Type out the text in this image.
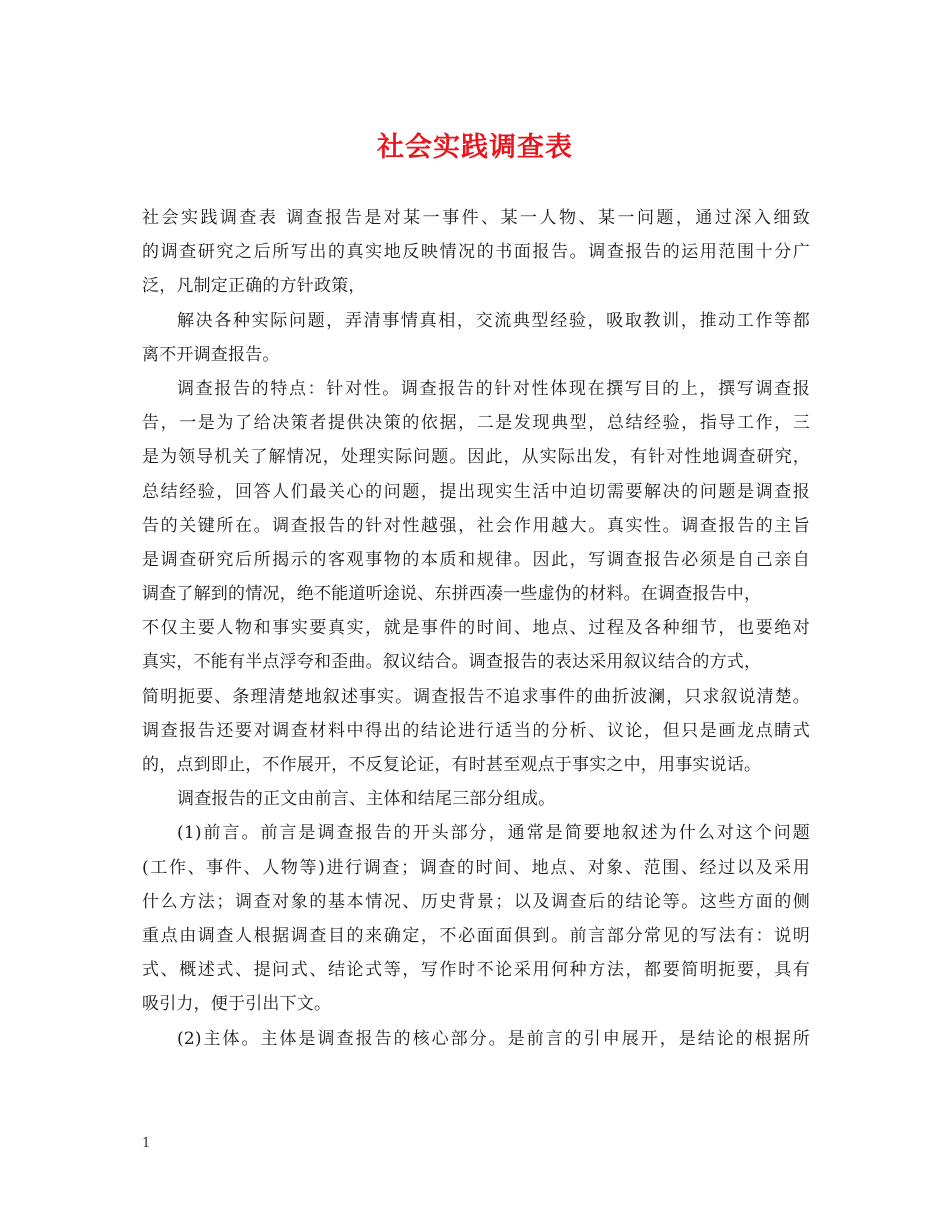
社会实践调查表
社会实践调查表 调查报告是对某一事件、某一人物、某一问题，通过深入细致
的调查研究之后所写出的真实地反映情况的书面报告。调查报告的运用范围十分广
泛，凡制定正确的方针政策，
解决各种实际问题，弄清事情真相，交流典型经验，吸取教训，推动工作等都
离不开调查报告。
调查报告的特点：针对性。调查报告的针对性体现在撰写目的上，撰写调查报
告，一是为了给决策者提供决策的依据，二是发现典型，总结经验，指导工作，三
是为领导机关了解情况，处理实际问题。因此，从实际出发，有针对性地调查研究，
总结经验，回答人们最关心的问题，提出现实生活中迫切需要解决的问题是调查报
告的关键所在。调查报告的针对性越强，社会作用越大。真实性。调查报告的主旨
是调查研究后所揭示的客观事物的本质和规律。因此，写调查报告必须是自己亲自
调查了解到的情况，绝不能道听途说、东拼西凑一些虚伪的材料。在调查报告中，
不仅主要人物和事实要真实，就是事件的时间、地点、过程及各种细节，也要绝对
真实，不能有半点浮夸和歪曲。叙议结合。调查报告的表达采用叙议结合的方式，
简明扼要、条理清楚地叙述事实。调查报告不追求事件的曲折波澜，只求叙说清楚。
调查报告还要对调查材料中得出的结论进行适当的分析、议论，但只是画龙点睛式
的，点到即止，不作展开，不反复论证，有时甚至观点于事实之中，用事实说话。
调查报告的正文由前言、主体和结尾三部分组成。
(1)前言。前言是调查报告的开头部分，通常是简要地叙述为什么对这个问题
(工作、事件、人物等)进行调查；调查的时间、地点、对象、范围、经过以及采用
什么方法；调查对象的基本情况、历史背景；以及调查后的结论等。这些方面的侧
重点由调查人根据调查目的来确定，不必面面俱到。前言部分常见的写法有：说明
式、概述式、提问式、结论式等，写作时不论采用何种方法，都要简明扼要，具有
吸引力，便于引出下文。
(2)主体。主体是调查报告的核心部分。是前言的引申展开，是结论的根据所
1
